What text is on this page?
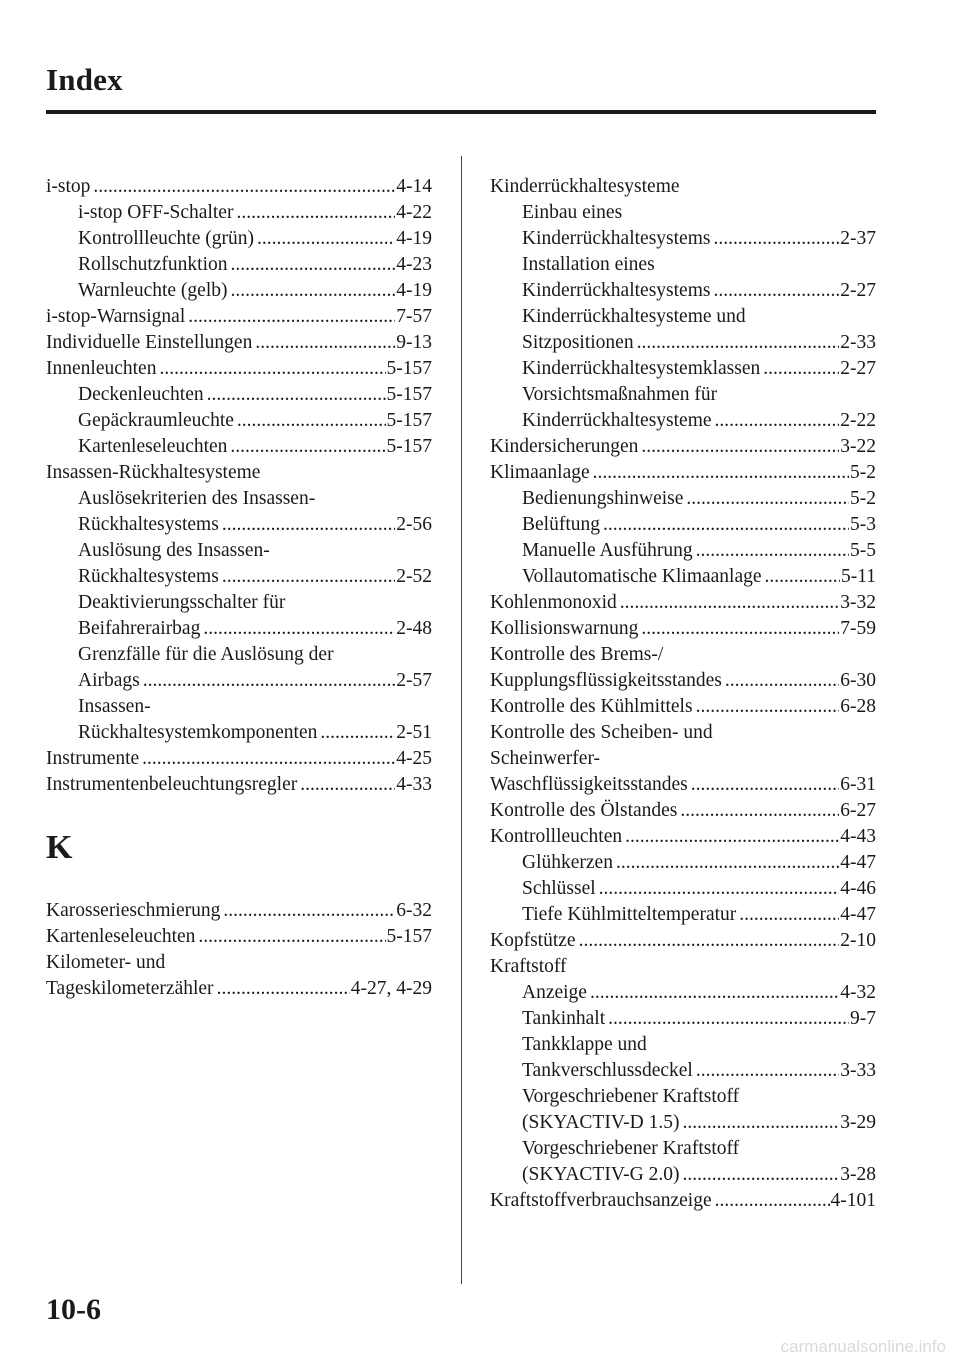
Index
i-stop .....	4-14
i-stop OFF-Schalter .....	4-22
Kontrollleuchte (grün) .....	4-19
Rollschutzfunktion .....	4-23
Warnleuchte (gelb) .....	4-19
i-stop-Warnsignal .....	7-57
Individuelle Einstellungen .....	9-13
Innenleuchten .....	5-157
Deckenleuchten .....	5-157
Gepäckraumleuchte .....	5-157
Kartenleseleuchten .....	5-157
Insassen-Rückhaltesysteme
Auslösekriterien des Insassen-
Rückhaltesystems .....	2-56
Auslösung des Insassen-
Rückhaltesystems .....	2-52
Deaktivierungsschalter für
Beifahrerairbag .....	2-48
Grenzfälle für die Auslösung der
Airbags .....	2-57
Insassen-
Rückhaltesystemkomponenten .....	2-51
Instrumente .....	4-25
Instrumentenbeleuchtungsregler .....	4-33
K
Karosserieschmierung .....	6-32
Kartenleseleuchten .....	5-157
Kilometer- und
Tageskilometerzähler .....	4-27, 4-29
Kinderrückhaltesysteme
Einbau eines
Kinderrückhaltesystems .....	2-37
Installation eines
Kinderrückhaltesystems .....	2-27
Kinderrückhaltesysteme und
Sitzpositionen .....	2-33
Kinderrückhaltesystemklassen .....	2-27
Vorsichtsmaßnahmen für
Kinderrückhaltesysteme .....	2-22
Kindersicherungen .....	3-22
Klimaanlage .....	5-2
Bedienungshinweise .....	5-2
Belüftung .....	5-3
Manuelle Ausführung .....	5-5
Vollautomatische Klimaanlage .....	5-11
Kohlenmonoxid .....	3-32
Kollisionswarnung .....	7-59
Kontrolle des Brems-/
Kupplungsflüssigkeitsstandes .....	6-30
Kontrolle des Kühlmittels .....	6-28
Kontrolle des Scheiben- und
Scheinwerfer-
Waschflüssigkeitsstandes .....	6-31
Kontrolle des Ölstandes .....	6-27
Kontrollleuchten .....	4-43
Glühkerzen .....	4-47
Schlüssel .....	4-46
Tiefe Kühlmitteltemperatur .....	4-47
Kopfstütze .....	2-10
Kraftstoff
Anzeige .....	4-32
Tankinhalt .....	9-7
Tankklappe und
Tankverschlussdeckel .....	3-33
Vorgeschriebener Kraftstoff
(SKYACTIV-D 1.5) .....	3-29
Vorgeschriebener Kraftstoff
(SKYACTIV-G 2.0) .....	3-28
Kraftstoffverbrauchsanzeige .....	4-101
10-6
carmanualsonline.info
